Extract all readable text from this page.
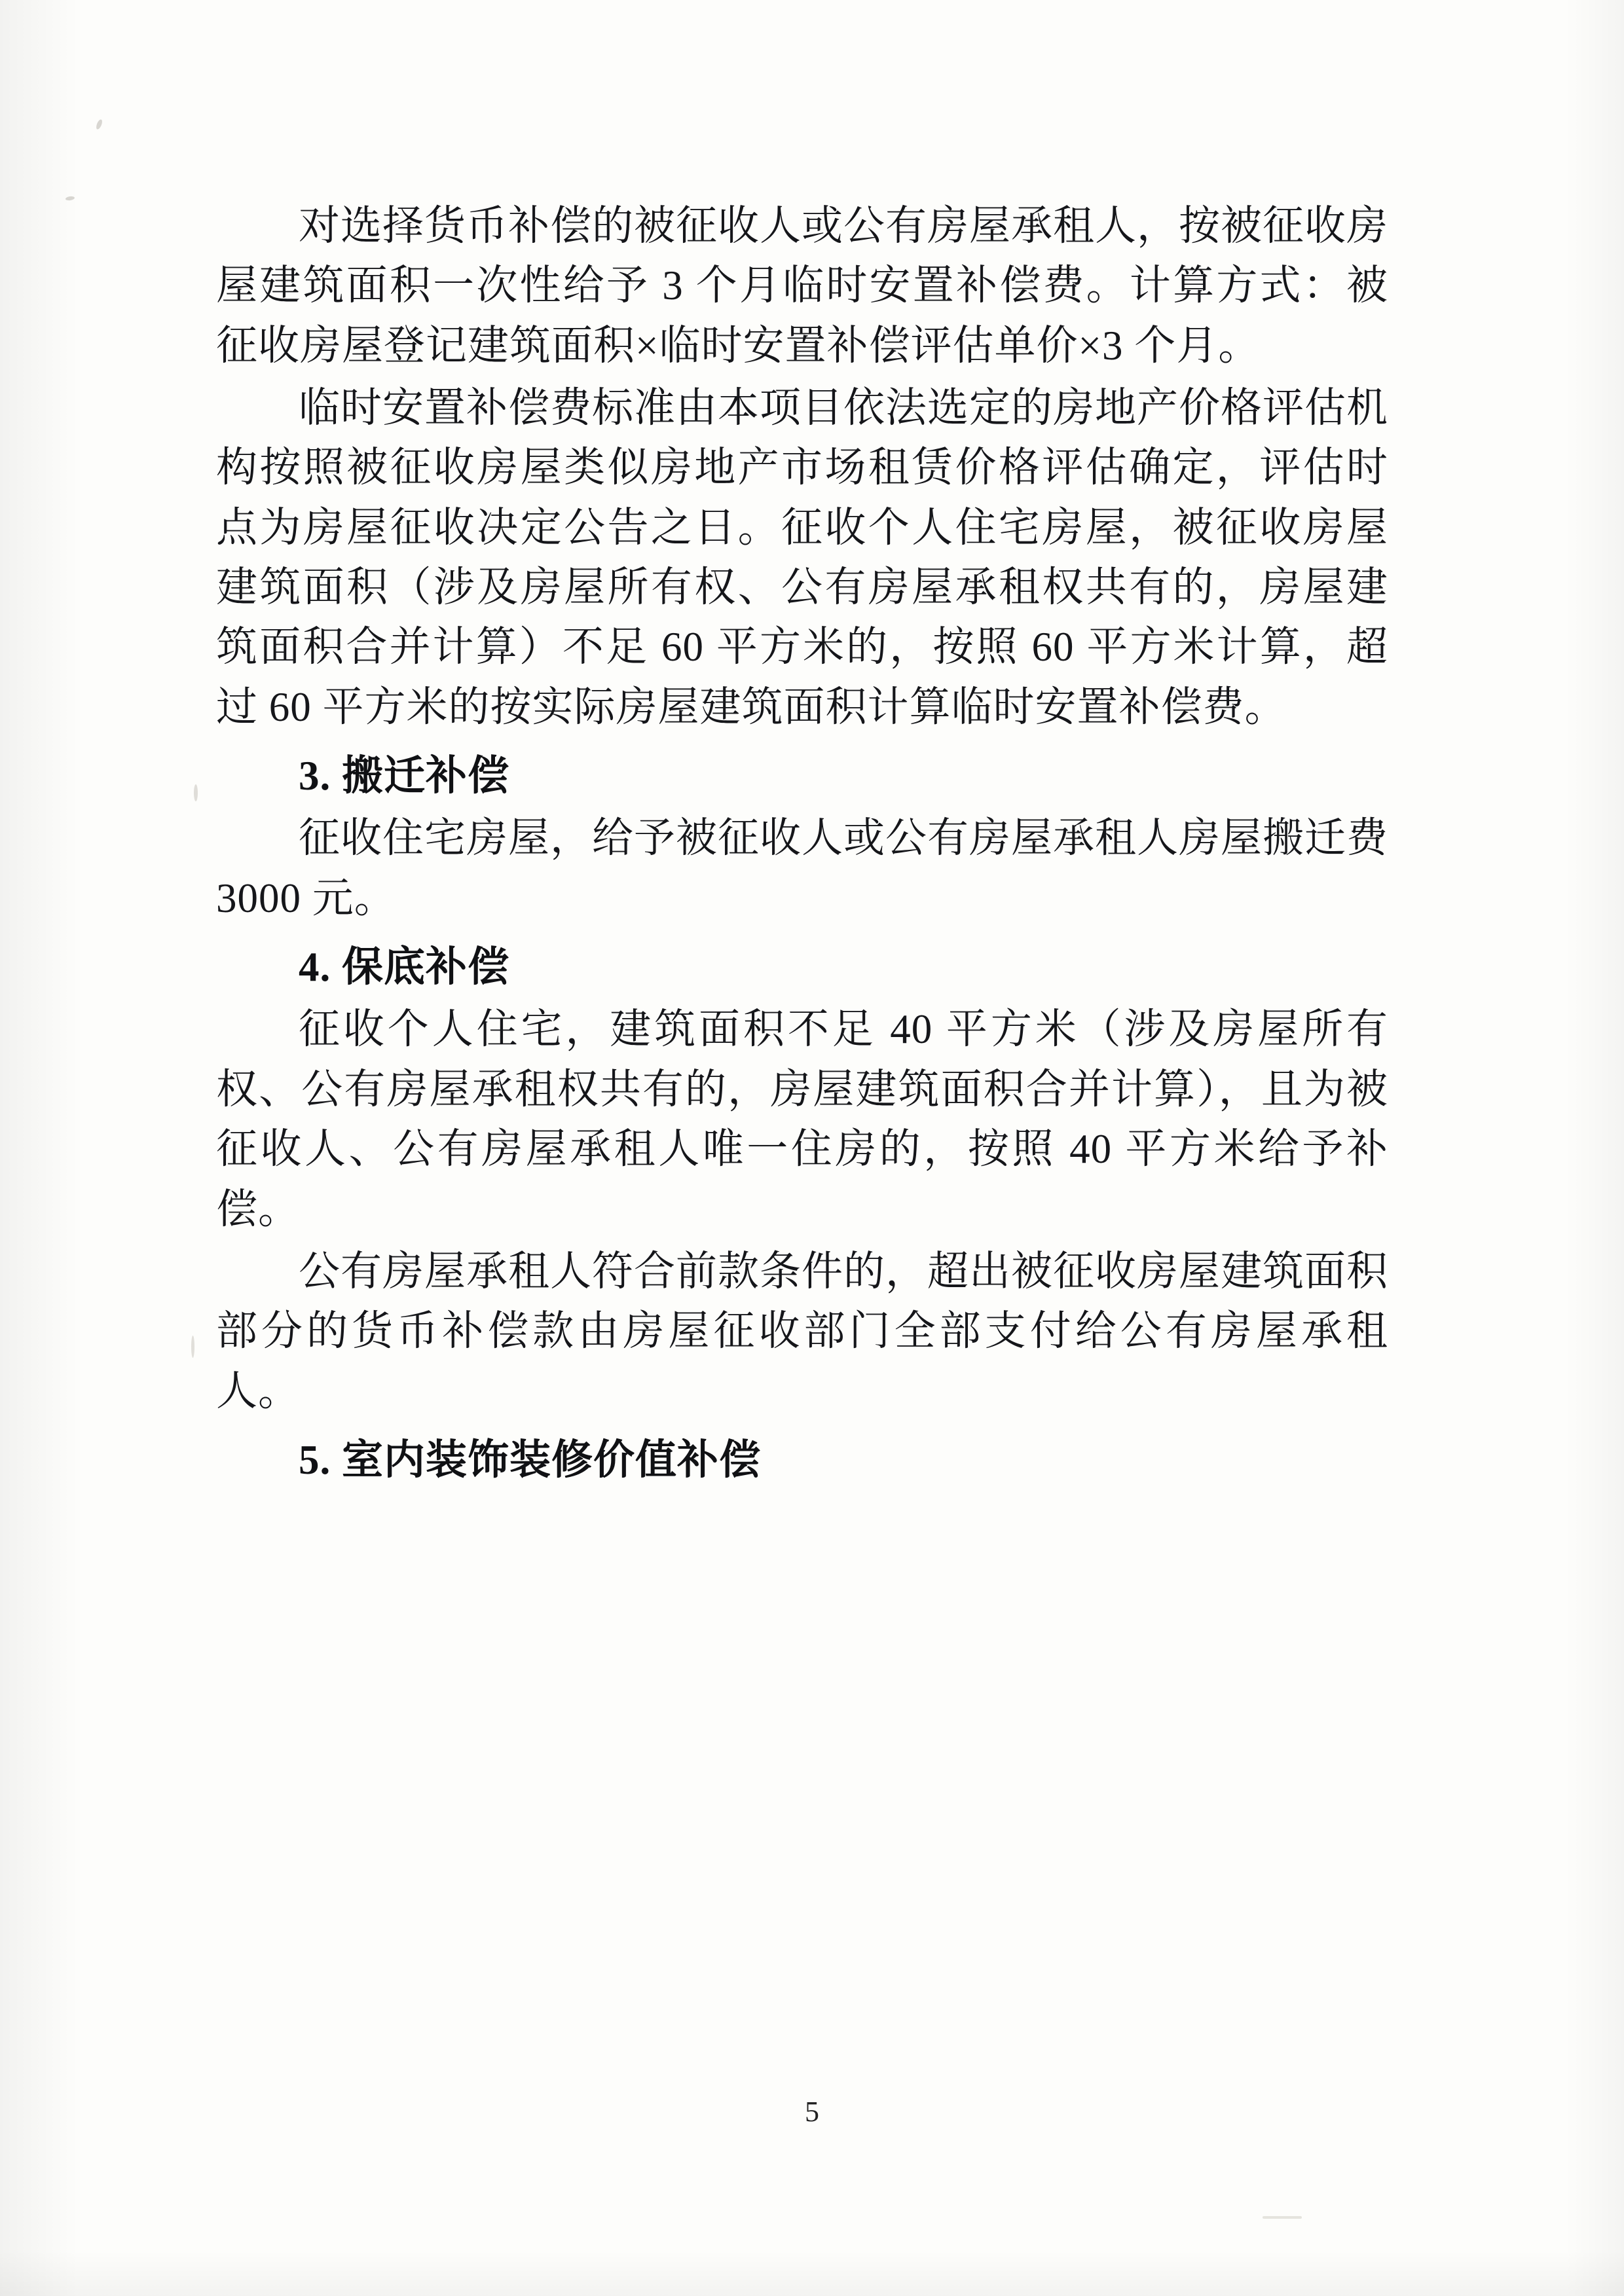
对选择货币补偿的被征收人或公有房屋承租人，按被征收房屋建筑面积一次性给予 3 个月临时安置补偿费。计算方式：被征收房屋登记建筑面积×临时安置补偿评估单价×3 个月。

临时安置补偿费标准由本项目依法选定的房地产价格评估机构按照被征收房屋类似房地产市场租赁价格评估确定，评估时点为房屋征收决定公告之日。征收个人住宅房屋，被征收房屋建筑面积（涉及房屋所有权、公有房屋承租权共有的，房屋建筑面积合并计算）不足 60 平方米的，按照 60 平方米计算，超过 60 平方米的按实际房屋建筑面积计算临时安置补偿费。

3. 搬迁补偿

征收住宅房屋，给予被征收人或公有房屋承租人房屋搬迁费 3000 元。

4. 保底补偿

征收个人住宅，建筑面积不足 40 平方米（涉及房屋所有权、公有房屋承租权共有的，房屋建筑面积合并计算），且为被征收人、公有房屋承租人唯一住房的，按照 40 平方米给予补偿。

公有房屋承租人符合前款条件的，超出被征收房屋建筑面积部分的货币补偿款由房屋征收部门全部支付给公有房屋承租人。

5. 室内装饰装修价值补偿
5
